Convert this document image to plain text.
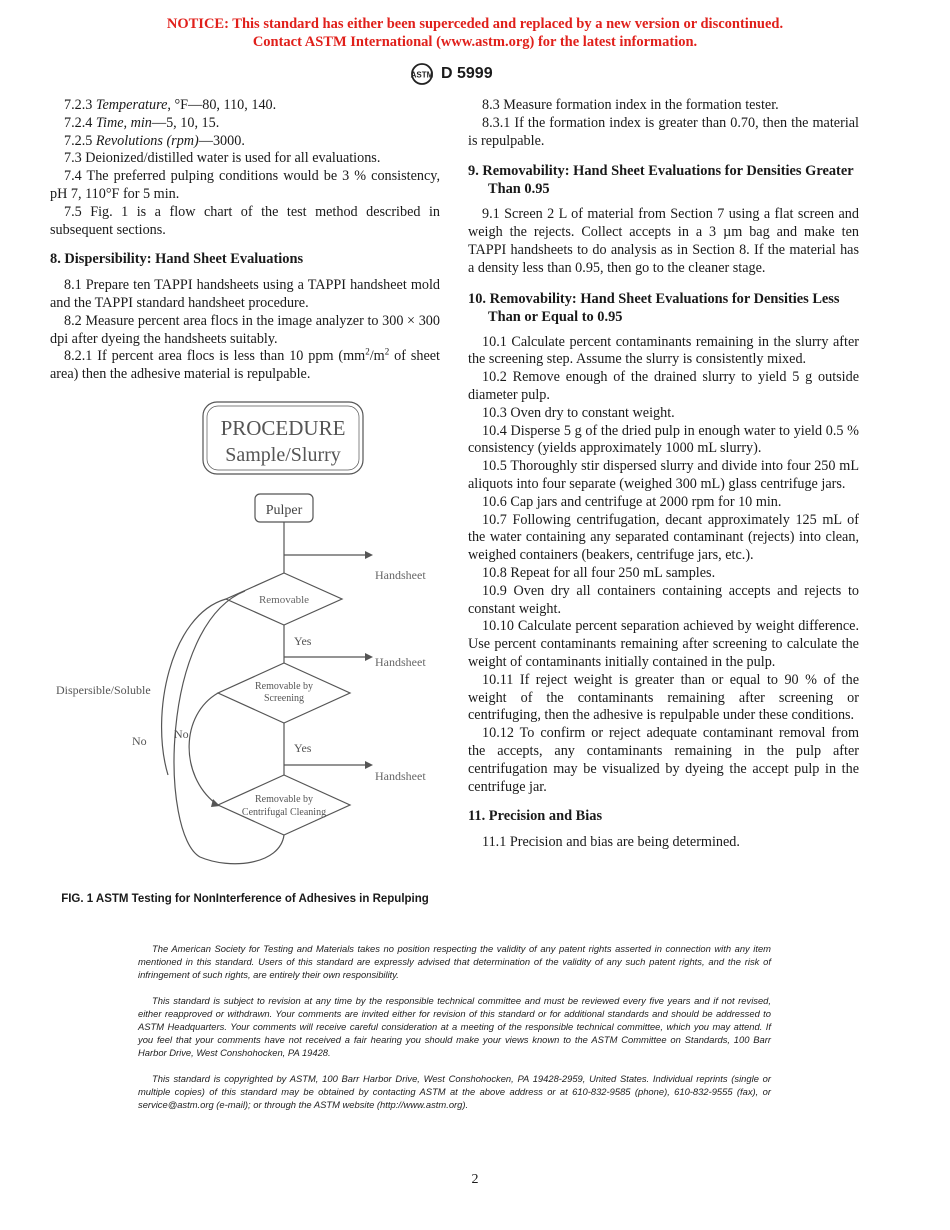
NOTICE: This standard has either been superceded and replaced by a new version or discontinued.
Contact ASTM International (www.astm.org) for the latest information.
ASTM D 5999

7.2.3 Temperature, °F—80, 110, 140.

7.2.4 Time, min—5, 10, 15.

7.2.5 Revolutions (rpm)—3000.

7.3 Deionized/distilled water is used for all evaluations.

7.4 The preferred pulping conditions would be 3 % consistency, pH 7, 110°F for 5 min.

7.5 Fig. 1 is a flow chart of the test method described in subsequent sections.

8. Dispersibility: Hand Sheet Evaluations

8.1 Prepare ten TAPPI handsheets using a TAPPI handsheet mold and the TAPPI standard handsheet procedure.

8.2 Measure percent area flocs in the image analyzer to 300 × 300 dpi after dyeing the handsheets suitably.

8.2.1 If percent area flocs is less than 10 ppm ($mm^2/m^2$ of sheet area) then the adhesive material is repulpable.

PROCEDURE
Sample/Slurry
Pulper
Removable
Removable by
Screening
Removable by
Centrifugal Cleaning
Handsheet
Handsheet
Handsheet
Yes
Yes
No No
Dispersible/Soluble
FIG. 1 ASTM Testing for NonInterference of Adhesives in Repulping

8.3 Measure formation index in the formation tester.

8.3.1 If the formation index is greater than 0.70, then the material is repulpable.

9. Removability: Hand Sheet Evaluations for Densities Greater Than 0.95

9.1 Screen 2 L of material from Section 7 using a flat screen and weigh the rejects. Collect accepts in a 3 µm bag and make ten TAPPI handsheets to do analysis as in Section 8. If the material has a density less than 0.95, then go to the cleaner stage.

10. Removability: Hand Sheet Evaluations for Densities Less Than or Equal to 0.95

10.1 Calculate percent contaminants remaining in the slurry after the screening step. Assume the slurry is consistently mixed.

10.2 Remove enough of the drained slurry to yield 5 g outside diameter pulp.

10.3 Oven dry to constant weight.

10.4 Disperse 5 g of the dried pulp in enough water to yield 0.5 % consistency (yields approximately 1000 mL slurry).

10.5 Thoroughly stir dispersed slurry and divide into four 250 mL aliquots into four separate (weighed 300 mL) glass centrifuge jars.

10.6 Cap jars and centrifuge at 2000 rpm for 10 min.

10.7 Following centrifugation, decant approximately 125 mL of the water containing any separated contaminant (rejects) into clean, weighed containers (beakers, centrifuge jars, etc.).

10.8 Repeat for all four 250 mL samples.

10.9 Oven dry all containers containing accepts and rejects to constant weight.

10.10 Calculate percent separation achieved by weight difference. Use percent contaminants remaining after screening to calculate the weight of contaminants initially contained in the pulp.

10.11 If reject weight is greater than or equal to 90 % of the weight of the contaminants remaining after screening or centrifuging, then the adhesive is repulpable under these conditions.

10.12 To confirm or reject adequate contaminant removal from the accepts, any contaminants remaining in the pulp after centrifugation may be visualized by dyeing the accept pulp in the centrifuge jar.

11. Precision and Bias

11.1 Precision and bias are being determined.

The American Society for Testing and Materials takes no position respecting the validity of any patent rights asserted in connection with any item mentioned in this standard. Users of this standard are expressly advised that determination of the validity of any such patent rights, and the risk of infringement of such rights, are entirely their own responsibility.

This standard is subject to revision at any time by the responsible technical committee and must be reviewed every five years and if not revised, either reapproved or withdrawn. Your comments are invited either for revision of this standard or for additional standards and should be addressed to ASTM Headquarters. Your comments will receive careful consideration at a meeting of the responsible technical committee, which you may attend. If you feel that your comments have not received a fair hearing you should make your views known to the ASTM Committee on Standards, 100 Barr Harbor Drive, West Conshohocken, PA 19428.

This standard is copyrighted by ASTM, 100 Barr Harbor Drive, West Conshohocken, PA 19428-2959, United States. Individual reprints (single or multiple copies) of this standard may be obtained by contacting ASTM at the above address or at 610-832-9585 (phone), 610-832-9555 (fax), or service@astm.org (e-mail); or through the ASTM website (http://www.astm.org).

2
